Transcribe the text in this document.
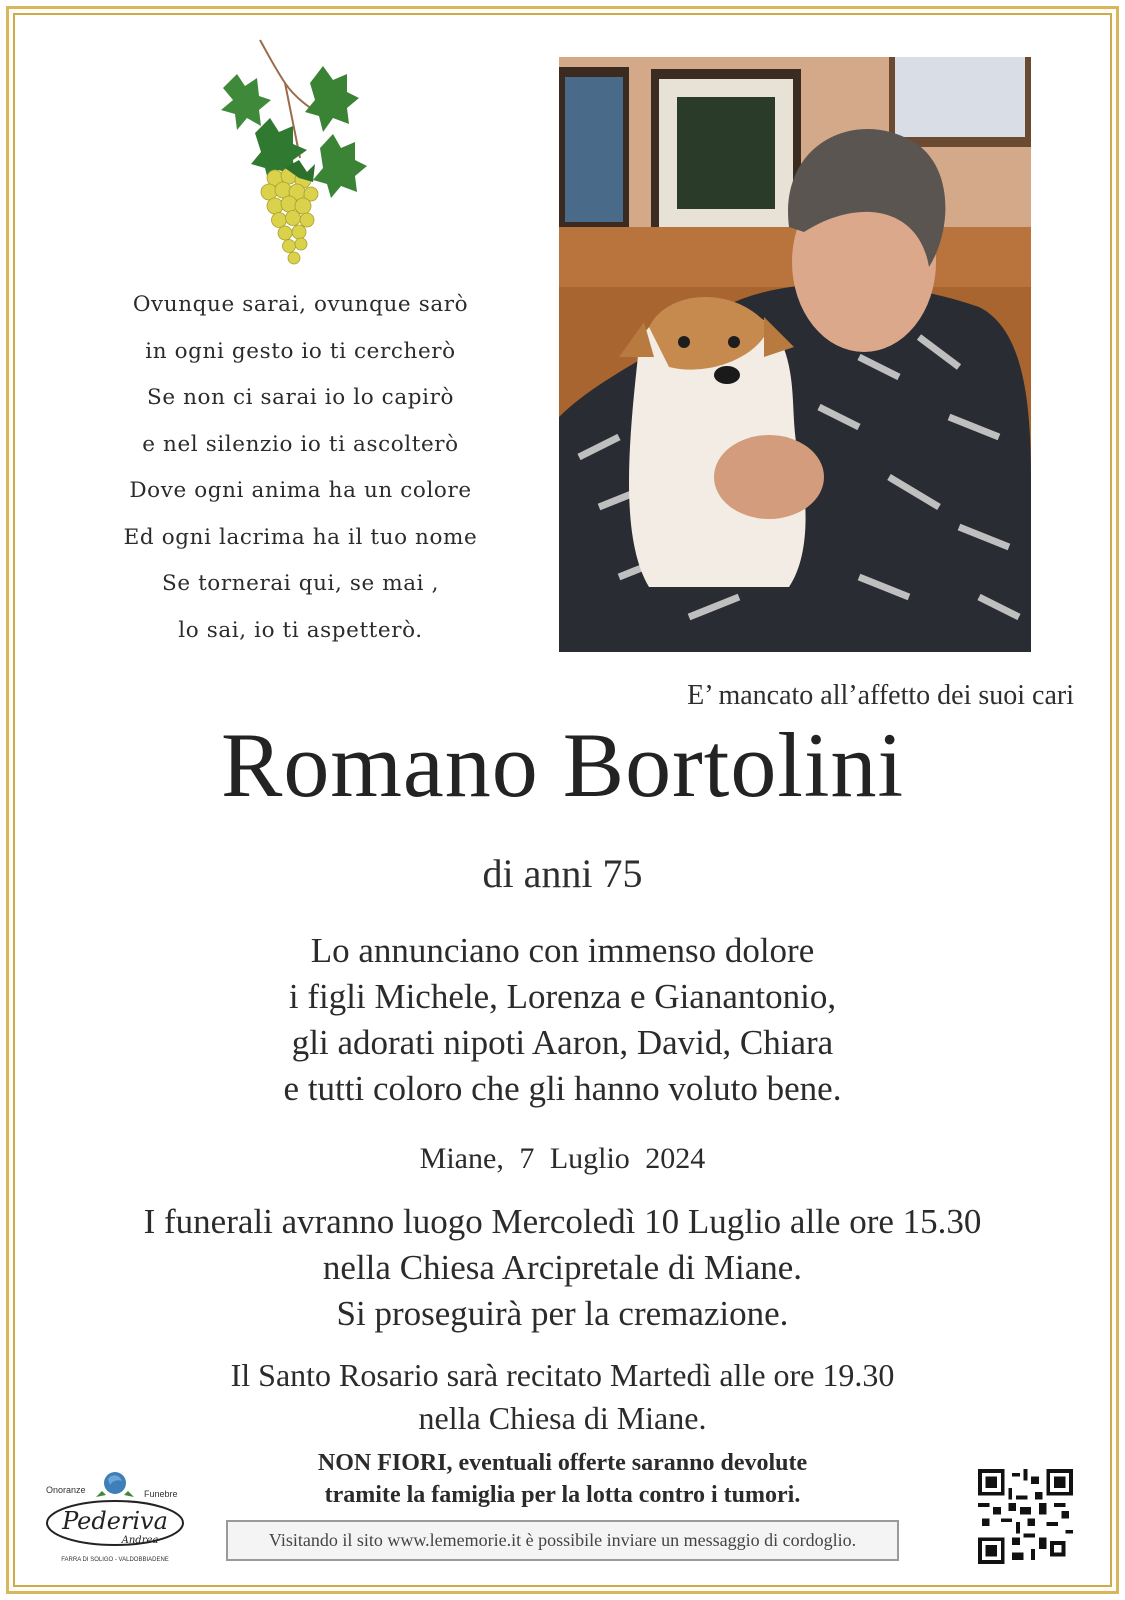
Ovunque sarai, ovunque sarò
in ogni gesto io ti cercherò
Se non ci sarai io lo capirò
e nel silenzio io ti ascolterò
Dove ogni anima ha un colore
Ed ogni lacrima ha il tuo nome
Se tornerai qui, se mai ,
lo sai, io ti aspetterò.
E’ mancato all’affetto dei suoi cari
Romano Bortolini
di anni 75
Lo annunciano con immenso dolore
i figli Michele, Lorenza e Gianantonio,
gli adorati nipoti Aaron, David, Chiara
e tutti coloro che gli hanno voluto bene.
Miane, 7 Luglio 2024
I funerali avranno luogo Mercoledì 10 Luglio alle ore 15.30
nella Chiesa Arcipretale di Miane.
Si proseguirà per la cremazione.
Il Santo Rosario sarà recitato Martedì alle ore 19.30
nella Chiesa di Miane.
NON FIORI, eventuali offerte saranno devolute
tramite la famiglia per la lotta contro i tumori.
Visitando il sito www.lememorie.it è possibile inviare un messaggio di cordoglio.
Onoranze	Funebre
Pederiva
Andrea
FARRA DI SOLIGO - VALDOBBIADENE
